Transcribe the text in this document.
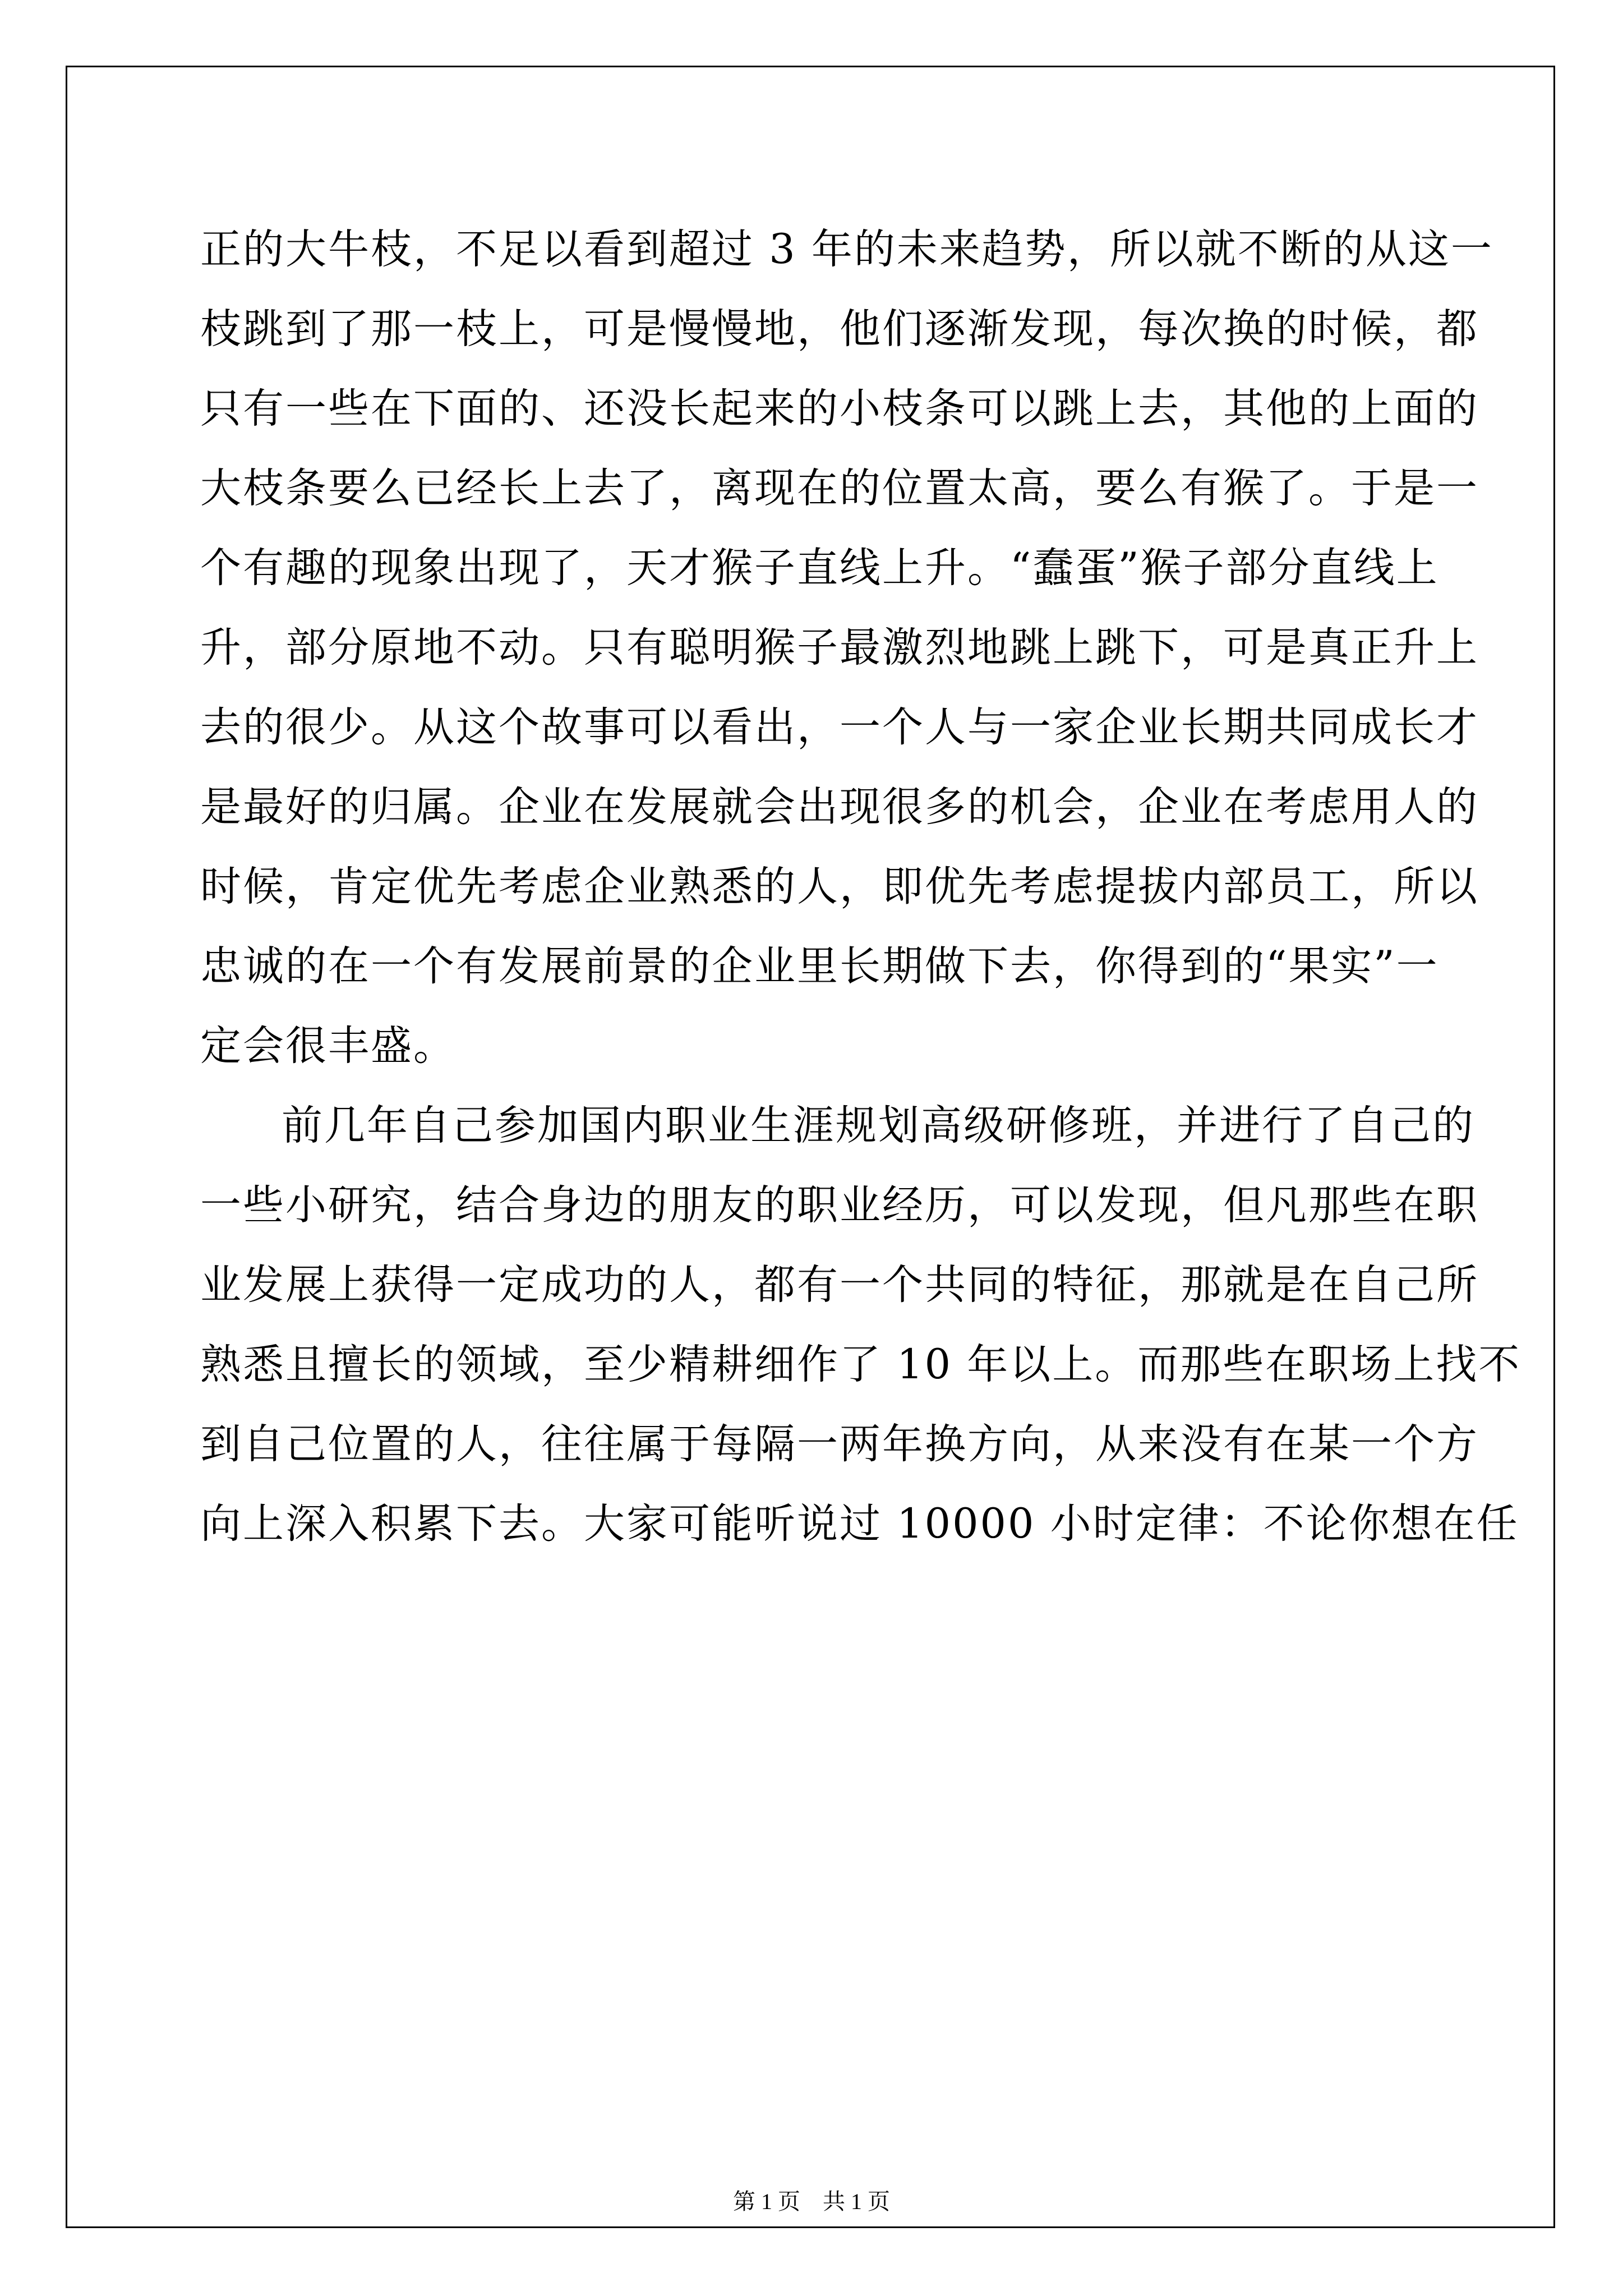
正的大牛枝，不足以看到超过 3 年的未来趋势，所以就不断的从这一
枝跳到了那一枝上，可是慢慢地，他们逐渐发现，每次换的时候，都
只有一些在下面的、还没长起来的小枝条可以跳上去，其他的上面的
大枝条要么已经长上去了，离现在的位置太高，要么有猴了。于是一
个有趣的现象出现了，天才猴子直线上升。“蠢蛋”猴子部分直线上
升，部分原地不动。只有聪明猴子最激烈地跳上跳下，可是真正升上
去的很少。从这个故事可以看出，一个人与一家企业长期共同成长才
是最好的归属。企业在发展就会出现很多的机会，企业在考虑用人的
时候，肯定优先考虑企业熟悉的人，即优先考虑提拔内部员工，所以
忠诚的在一个有发展前景的企业里长期做下去，你得到的“果实”一
定会很丰盛。
前几年自己参加国内职业生涯规划高级研修班，并进行了自己的
一些小研究，结合身边的朋友的职业经历，可以发现，但凡那些在职
业发展上获得一定成功的人，都有一个共同的特征，那就是在自己所
熟悉且擅长的领域，至少精耕细作了 10 年以上。而那些在职场上找不
到自己位置的人，往往属于每隔一两年换方向，从来没有在某一个方
向上深入积累下去。大家可能听说过 10000 小时定律：不论你想在任
第 1 页    共 1 页
